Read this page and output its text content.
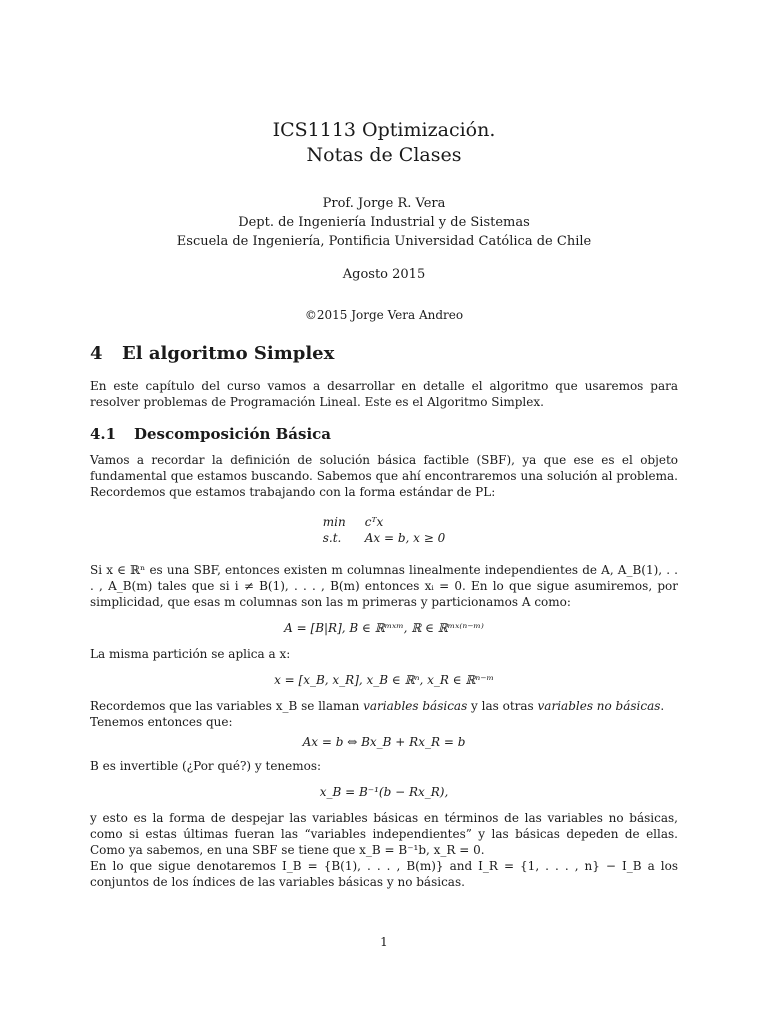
ICS1113 Optimización.
Notas de Clases
Prof. Jorge R. Vera
Dept. de Ingeniería Industrial y de Sistemas
Escuela de Ingeniería, Pontificia Universidad Católica de Chile
Agosto 2015
©2015 Jorge Vera Andreo
4 El algoritmo Simplex

En este capítulo del curso vamos a desarrollar en detalle el algoritmo que usaremos para resolver problemas de Programación Lineal. Este es el Algoritmo Simplex.

4.1 Descomposición Básica

Vamos a recordar la definición de solución básica factible (SBF), ya que ese es el objeto fundamental que estamos buscando. Sabemos que ahí encontraremos una solución al problema. Recordemos que estamos trabajando con la forma estándar de PL:

min	cᵀx
s.t.	Ax = b, x ≥ 0

Si x ∈ ℝⁿ es una SBF, entonces existen m columnas linealmente independientes de A, A_B(1), . . . , A_B(m) tales que si i ≠ B(1), . . . , B(m) entonces xᵢ = 0. En lo que sigue asumiremos, por simplicidad, que esas m columnas son las m primeras y particionamos A como:

A = [B|R], B ∈ ℝᵐˣᵐ, ℝ ∈ ℝᵐˣ⁽ⁿ⁻ᵐ⁾

La misma partición se aplica a x:

x = [x_B, x_R], x_B ∈ ℝⁿ, x_R ∈ ℝⁿ⁻ᵐ

Recordemos que las variables x_B se llaman variables básicas y las otras variables no básicas.

Tenemos entonces que:

Ax = b ⇔ Bx_B + Rx_R = b

B es invertible (¿Por qué?) y tenemos:

x_B = B⁻¹(b − Rx_R),

y esto es la forma de despejar las variables básicas en términos de las variables no básicas, como si estas últimas fueran las “variables independientes” y las básicas depeden de ellas. Como ya sabemos, en una SBF se tiene que x_B = B⁻¹b, x_R = 0.

En lo que sigue denotaremos I_B = {B(1), . . . , B(m)} and I_R = {1, . . . , n} − I_B a los conjuntos de los índices de las variables básicas y no básicas.

1
